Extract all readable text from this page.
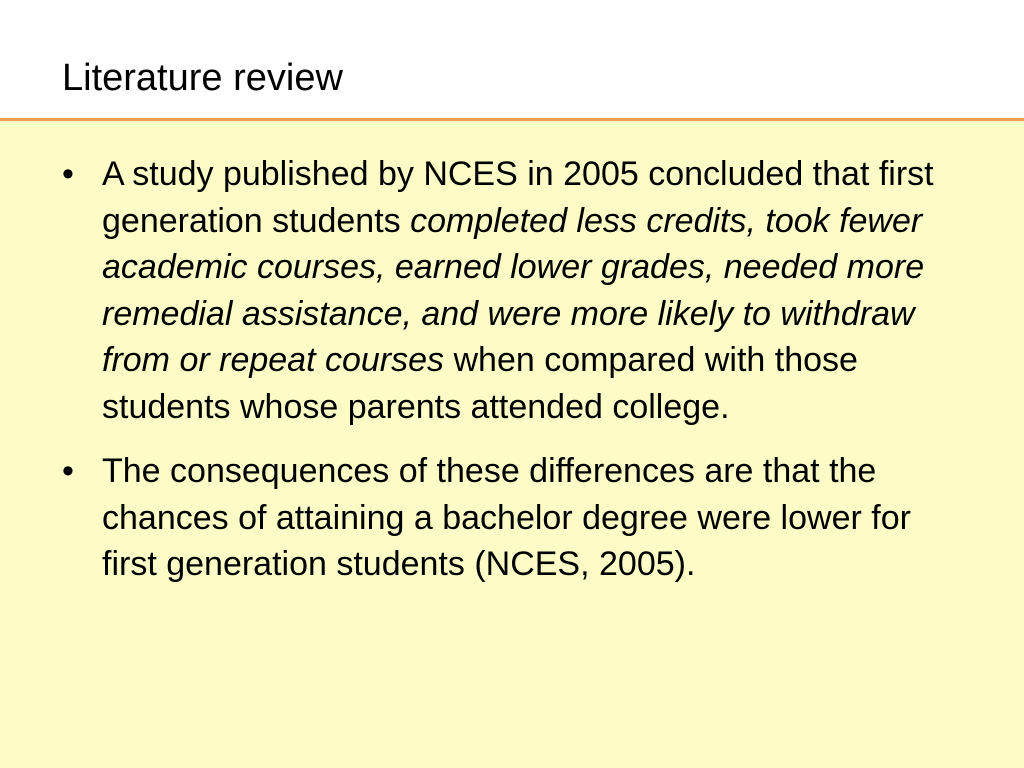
Literature review
• A study published by NCES in 2005 concluded that first generation students completed less credits, took fewer academic courses, earned lower grades, needed more remedial assistance, and were more likely to withdraw from or repeat courses when compared with those students whose parents attended college.
• The consequences of these differences are that the chances of attaining a bachelor degree were lower for first generation students (NCES, 2005).
